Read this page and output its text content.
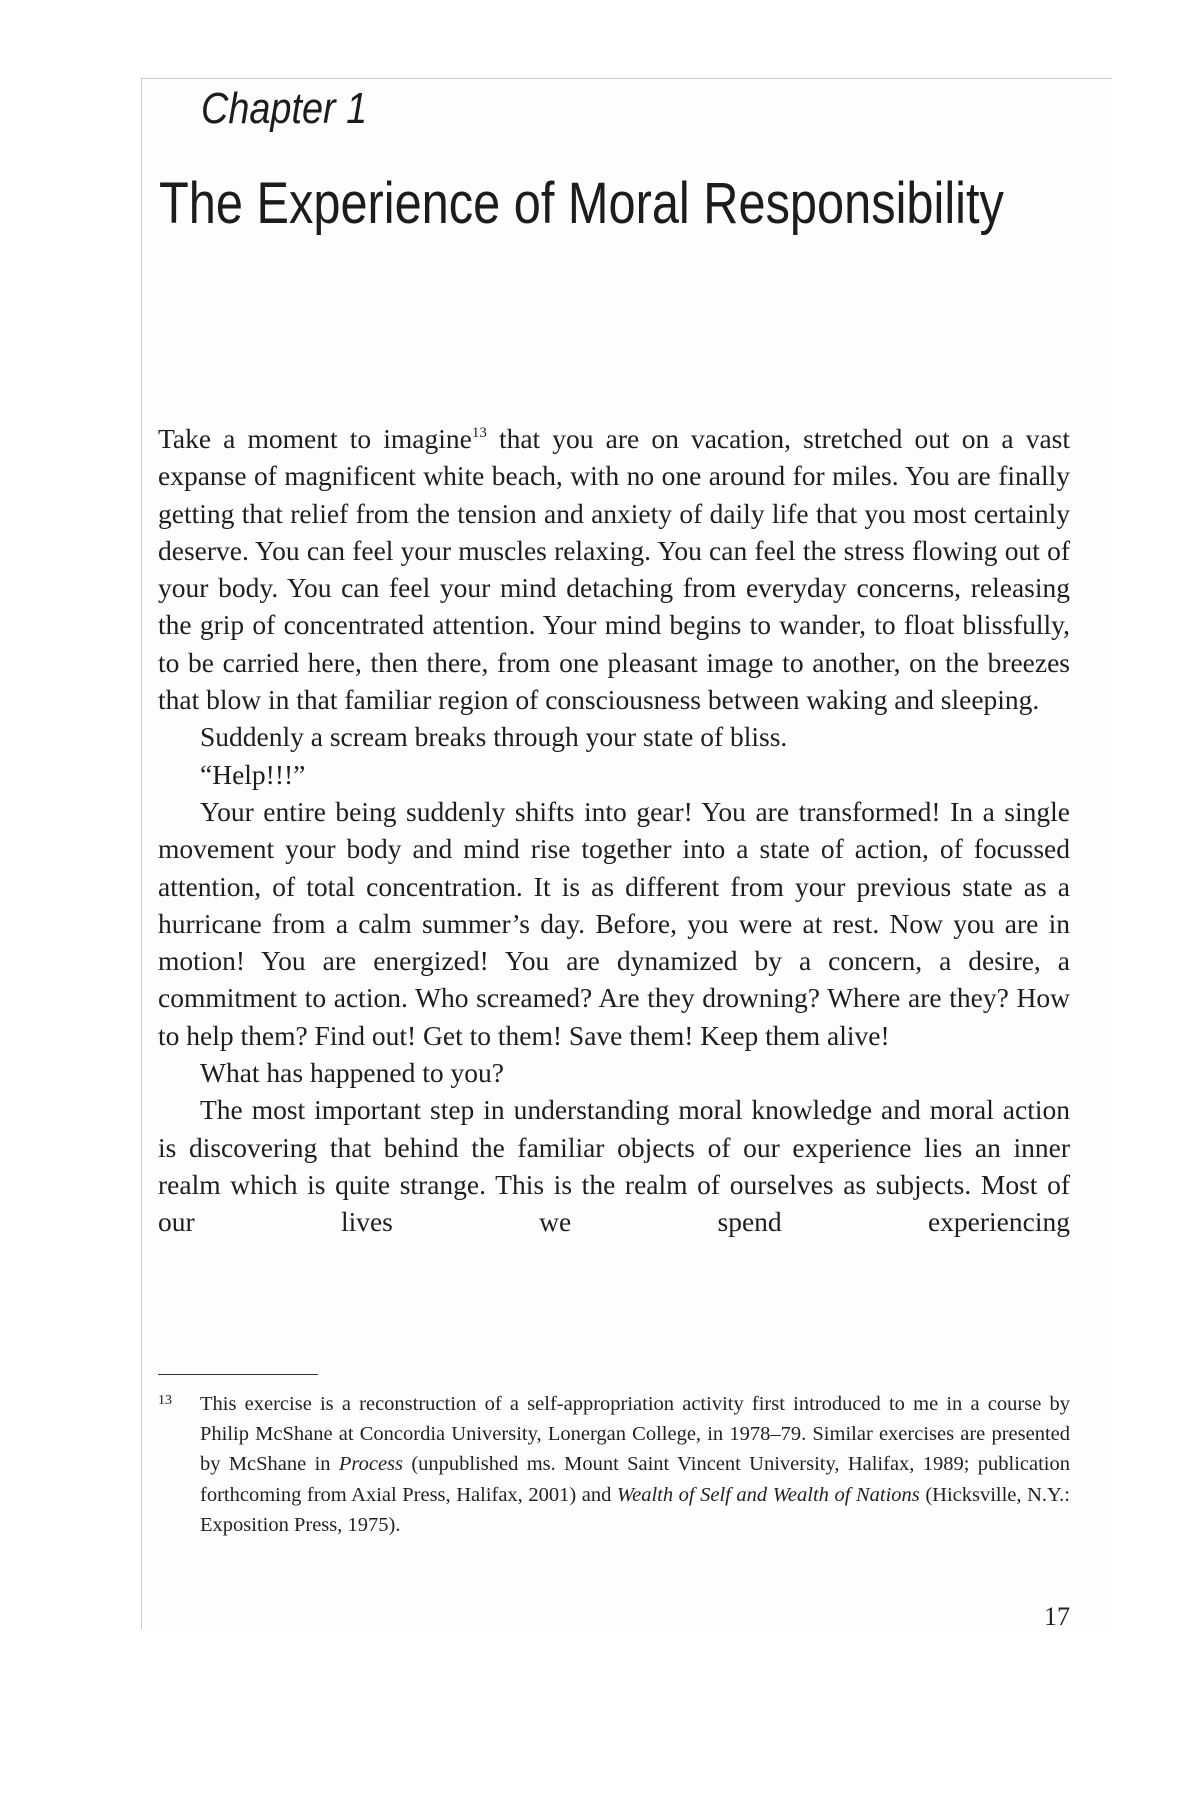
Chapter 1
The Experience of Moral Responsibility

Take a moment to imagine$^{13}$ that you are on vacation, stretched out on a vast expanse of magnificent white beach, with no one around for miles. You are finally getting that relief from the tension and anxiety of daily life that you most certainly deserve. You can feel your muscles relaxing. You can feel the stress flowing out of your body. You can feel your mind detaching from everyday concerns, releasing the grip of concentrated attention. Your mind begins to wander, to float blissfully, to be carried here, then there, from one pleasant image to another, on the breezes that blow in that familiar region of consciousness between waking and sleeping.

Suddenly a scream breaks through your state of bliss.

“Help!!!”

Your entire being suddenly shifts into gear! You are transformed! In a single movement your body and mind rise together into a state of action, of focussed attention, of total concentration. It is as different from your previous state as a hurricane from a calm summer’s day. Before, you were at rest. Now you are in motion! You are energized! You are dynamized by a concern, a desire, a commitment to action. Who screamed? Are they drowning? Where are they? How to help them? Find out! Get to them! Save them! Keep them alive!

What has happened to you?

The most important step in understanding moral knowledge and moral action is discovering that behind the familiar objects of our experience lies an inner realm which is quite strange. This is the realm of ourselves as subjects. Most of our lives we spend experiencing

13 This exercise is a reconstruction of a self-appropriation activity first introduced to me in a course by Philip McShane at Concordia University, Lonergan College, in 1978–79. Similar exercises are presented by McShane in Process (unpublished ms. Mount Saint Vincent University, Halifax, 1989; publication forthcoming from Axial Press, Halifax, 2001) and Wealth of Self and Wealth of Nations (Hicksville, N.Y.: Exposition Press, 1975).
17
